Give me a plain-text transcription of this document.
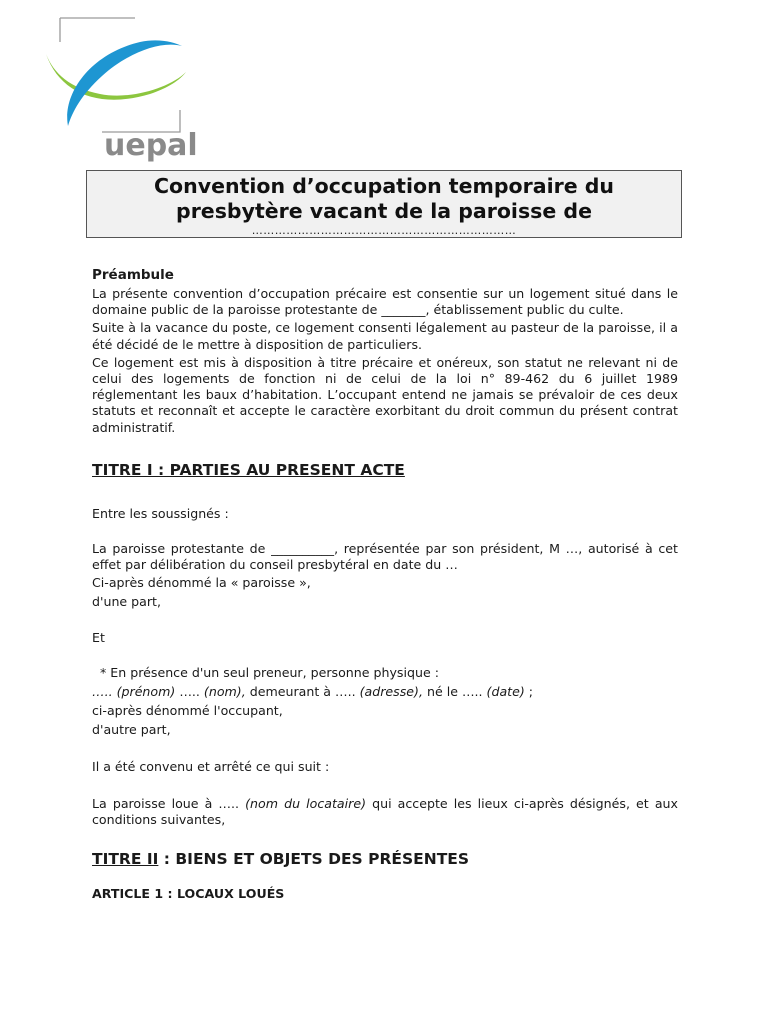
uepal
Convention d’occupation temporaire du
presbytère vacant de la paroisse de
……………………………………………………………

Préambule

La présente convention d’occupation précaire est consentie sur un logement situé dans le domaine public de la paroisse protestante de _______, établissement public du culte.

Suite à la vacance du poste, ce logement consenti légalement au pasteur de la paroisse, il a été décidé de le mettre à disposition de particuliers.

Ce logement est mis à disposition à titre précaire et onéreux, son statut ne relevant ni de celui des logements de fonction ni de celui de la loi n° 89-462 du 6 juillet 1989 réglementant les baux d’habitation. L’occupant entend ne jamais se prévaloir de ces deux statuts et reconnaît et accepte le caractère exorbitant du droit commun du présent contrat administratif.

TITRE I : PARTIES AU PRESENT ACTE

Entre les soussignés :

La paroisse protestante de __________, représentée par son président, M …, autorisé à cet effet par délibération du conseil presbytéral en date du …

Ci-après dénommé la « paroisse »,

d'une part,

Et

* En présence d'un seul preneur, personne physique :

….. (prénom) ….. (nom), demeurant à ….. (adresse), né le ….. (date) ;

ci-après dénommé l'occupant,

d'autre part,

Il a été convenu et arrêté ce qui suit :

La paroisse loue à ….. (nom du locataire) qui accepte les lieux ci-après désignés, et aux conditions suivantes,

TITRE II : BIENS ET OBJETS DES PRÉSENTES

ARTICLE 1 : LOCAUX LOUÉS
